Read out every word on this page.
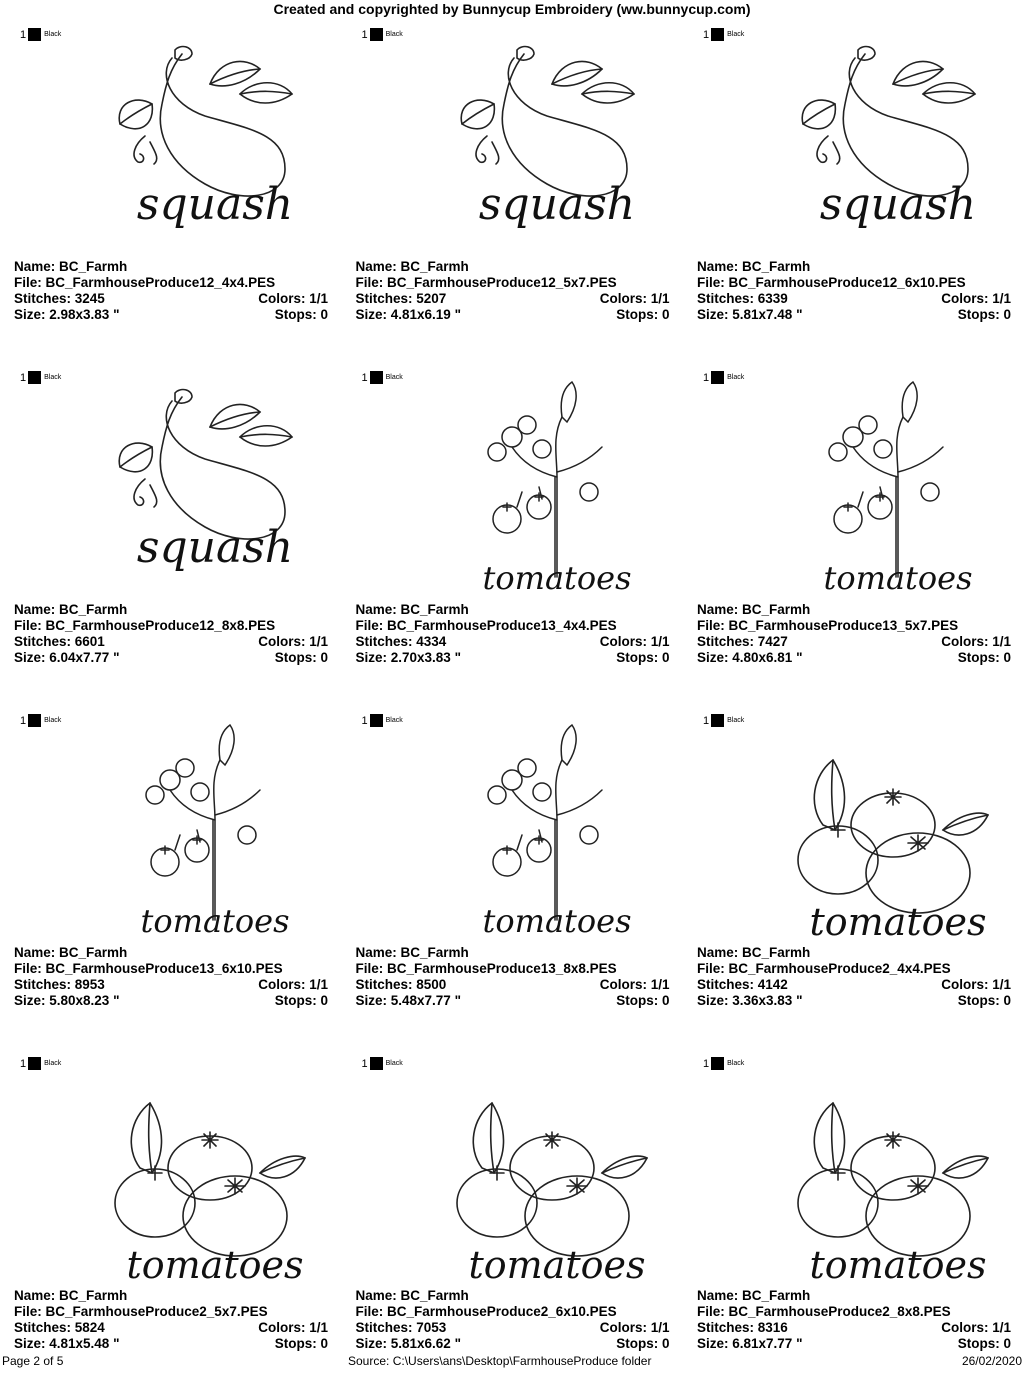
Created and copyrighted by Bunnycup Embroidery (ww.bunnycup.com)
1	Black
squash
Name: BC_Farmh
File: BC_FarmhouseProduce12_4x4.PES
Stitches: 3245	Colors: 1/1
Size: 2.98x3.83 "	Stops: 0
1	Black
squash
Name: BC_Farmh
File: BC_FarmhouseProduce12_5x7.PES
Stitches: 5207	Colors: 1/1
Size: 4.81x6.19 "	Stops: 0
1	Black
squash
Name: BC_Farmh
File: BC_FarmhouseProduce12_6x10.PES
Stitches: 6339	Colors: 1/1
Size: 5.81x7.48 "	Stops: 0
1	Black
squash
Name: BC_Farmh
File: BC_FarmhouseProduce12_8x8.PES
Stitches: 6601	Colors: 1/1
Size: 6.04x7.77 "	Stops: 0
1	Black
tomatoes
Name: BC_Farmh
File: BC_FarmhouseProduce13_4x4.PES
Stitches: 4334	Colors: 1/1
Size: 2.70x3.83 "	Stops: 0
1	Black
tomatoes
Name: BC_Farmh
File: BC_FarmhouseProduce13_5x7.PES
Stitches: 7427	Colors: 1/1
Size: 4.80x6.81 "	Stops: 0
1	Black
tomatoes
Name: BC_Farmh
File: BC_FarmhouseProduce13_6x10.PES
Stitches: 8953	Colors: 1/1
Size: 5.80x8.23 "	Stops: 0
1	Black
tomatoes
Name: BC_Farmh
File: BC_FarmhouseProduce13_8x8.PES
Stitches: 8500	Colors: 1/1
Size: 5.48x7.77 "	Stops: 0
1	Black
tomatoes
Name: BC_Farmh
File: BC_FarmhouseProduce2_4x4.PES
Stitches: 4142	Colors: 1/1
Size: 3.36x3.83 "	Stops: 0
1	Black
tomatoes
Name: BC_Farmh
File: BC_FarmhouseProduce2_5x7.PES
Stitches: 5824	Colors: 1/1
Size: 4.81x5.48 "	Stops: 0
1	Black
tomatoes
Name: BC_Farmh
File: BC_FarmhouseProduce2_6x10.PES
Stitches: 7053	Colors: 1/1
Size: 5.81x6.62 "	Stops: 0
1	Black
tomatoes
Name: BC_Farmh
File: BC_FarmhouseProduce2_8x8.PES
Stitches: 8316	Colors: 1/1
Size: 6.81x7.77 "	Stops: 0
Page 2 of 5	Source: C:\Users\ans\Desktop\FarmhouseProduce folder	26/02/2020
